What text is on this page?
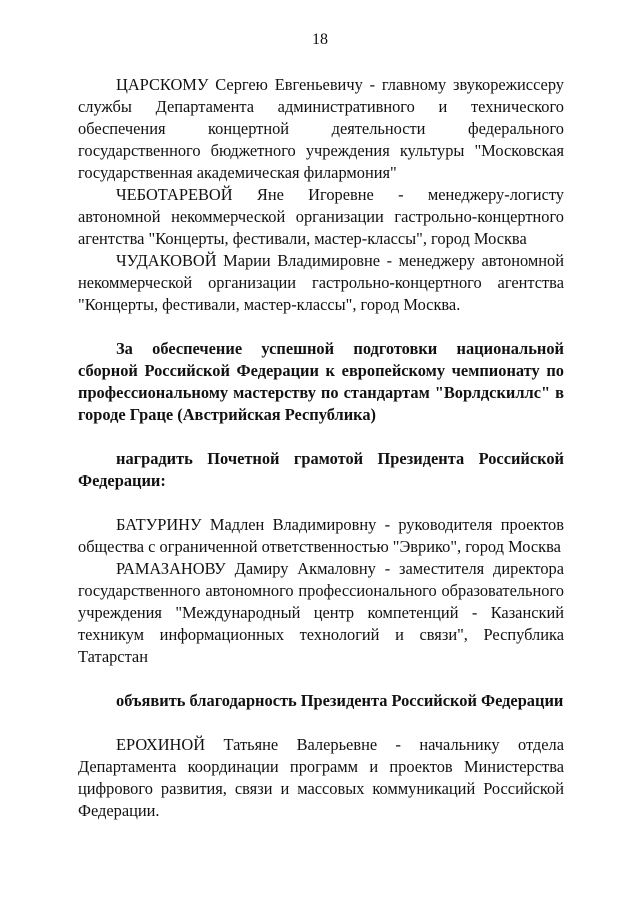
18

ЦАРСКОМУ Сергею Евгеньевичу - главному звукорежиссеру службы Департамента административного и технического обеспечения концертной деятельности федерального государственного бюджетного учреждения культуры "Московская государственная академическая филармония"

ЧЕБОТАРЕВОЙ Яне Игоревне - менеджеру-логисту автономной некоммерческой организации гастрольно-концертного агентства "Концерты, фестивали, мастер-классы", город Москва

ЧУДАКОВОЙ Марии Владимировне - менеджеру автономной некоммерческой организации гастрольно-концертного агентства "Концерты, фестивали, мастер-классы", город Москва.

За обеспечение успешной подготовки национальной сборной Российской Федерации к европейскому чемпионату по профессиональному мастерству по стандартам "Ворлдскиллс" в городе Граце (Австрийская Республика)

наградить Почетной грамотой Президента Российской Федерации:

БАТУРИНУ Мадлен Владимировну - руководителя проектов общества с ограниченной ответственностью "Эврико", город Москва

РАМАЗАНОВУ Дамиру Акмаловну - заместителя директора государственного автономного профессионального образовательного учреждения "Международный центр компетенций - Казанский техникум информационных технологий и связи", Республика Татарстан

объявить благодарность Президента Российской Федерации

ЕРОХИНОЙ Татьяне Валерьевне - начальнику отдела Департамента координации программ и проектов Министерства цифрового развития, связи и массовых коммуникаций Российской Федерации.
